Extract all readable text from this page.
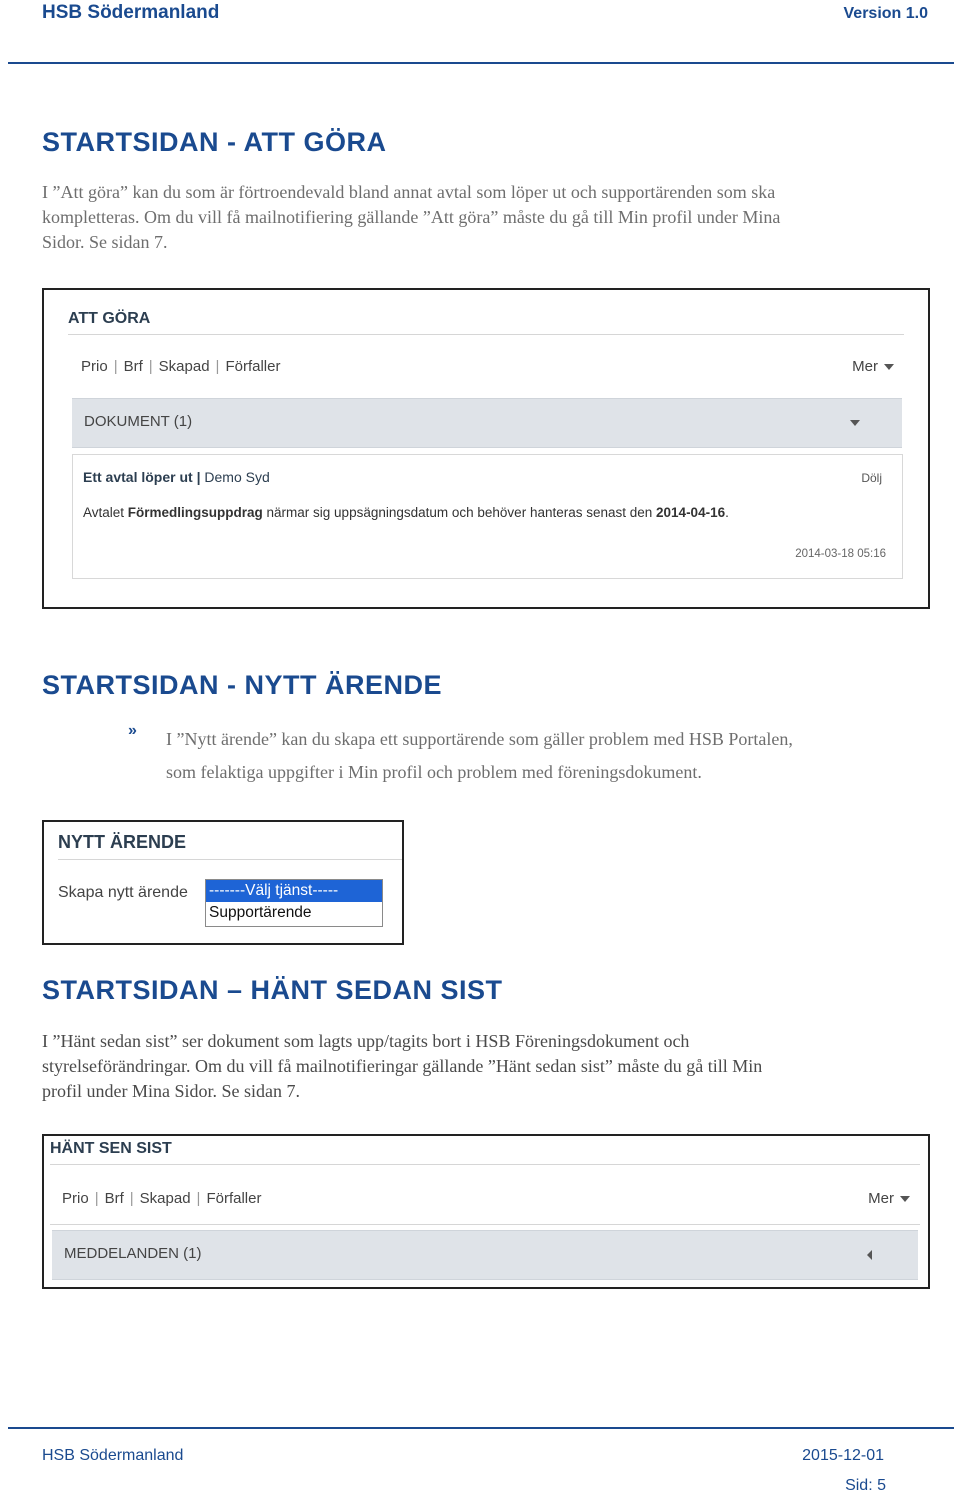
HSB Södermanland	Version 1.0
STARTSIDAN - ATT GÖRA

I ”Att göra” kan du som är förtroendevald bland annat avtal som löper ut och supportärenden som ska
kompletteras. Om du vill få mailnotifiering gällande ”Att göra” måste du gå till Min profil under Mina
Sidor. Se sidan 7.

ATT GÖRA
Prio | Brf | Skapad | Förfaller	Mer
DOKUMENT (1)
Ett avtal löper ut | Demo Syd	Dölj
Avtalet Förmedlingsuppdrag närmar sig uppsägningsdatum och behöver hanteras senast den 2014-04-16.
2014-03-18 05:16
STARTSIDAN - NYTT ÄRENDE
» I ”Nytt ärende” kan du skapa ett supportärende som gäller problem med HSB Portalen,
som felaktiga uppgifter i Min profil och problem med föreningsdokument.

NYTT ÄRENDE
Skapa nytt ärende -------Välj tjänst-----
Supportärende
STARTSIDAN – HÄNT SEDAN SIST

I ”Hänt sedan sist” ser dokument som lagts upp/tagits bort i HSB Föreningsdokument och
styrelseförändringar. Om du vill få mailnotifieringar gällande ”Hänt sedan sist” måste du gå till Min
profil under Mina Sidor. Se sidan 7.

HÄNT SEN SIST
Prio | Brf | Skapad | Förfaller	Mer
MEDDELANDEN (1)
HSB Södermanland	2015-12-01
Sid: 5
